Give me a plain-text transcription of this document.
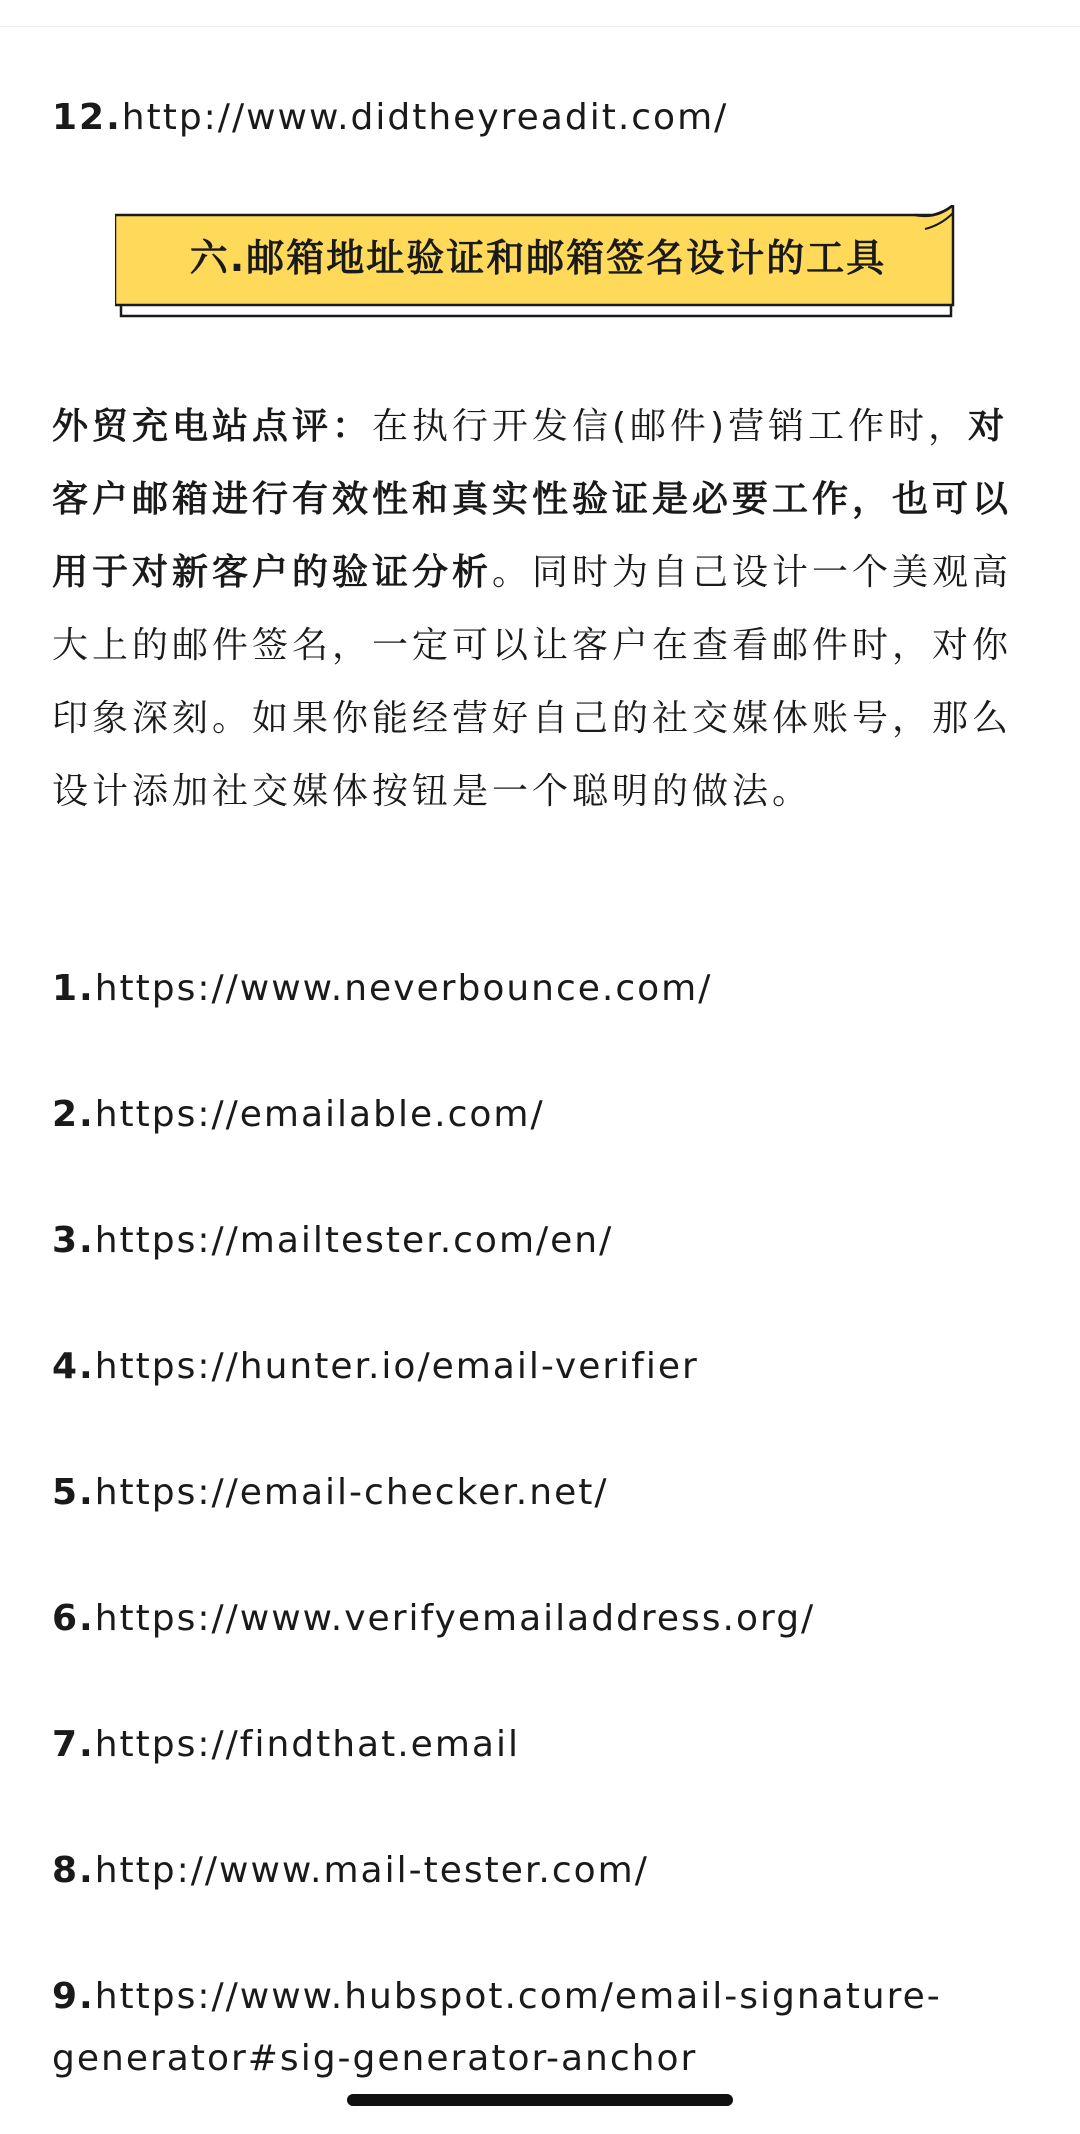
12.http://www.didtheyreadit.com/
六.邮箱地址验证和邮箱签名设计的工具
外贸充电站点评：在执行开发信(邮件)营销工作时，对客户邮箱进行有效性和真实性验证是必要工作，也可以用于对新客户的验证分析。同时为自己设计一个美观高大上的邮件签名，一定可以让客户在查看邮件时，对你印象深刻。如果你能经营好自己的社交媒体账号，那么设计添加社交媒体按钮是一个聪明的做法。
1.https://www.neverbounce.com/
2.https://emailable.com/
3.https://mailtester.com/en/
4.https://hunter.io/email-verifier
5.https://email-checker.net/
6.https://www.verifyemailaddress.org/
7.https://findthat.email
8.http://www.mail-tester.com/
9.https://www.hubspot.com/email-signature-
generator#sig-generator-anchor
